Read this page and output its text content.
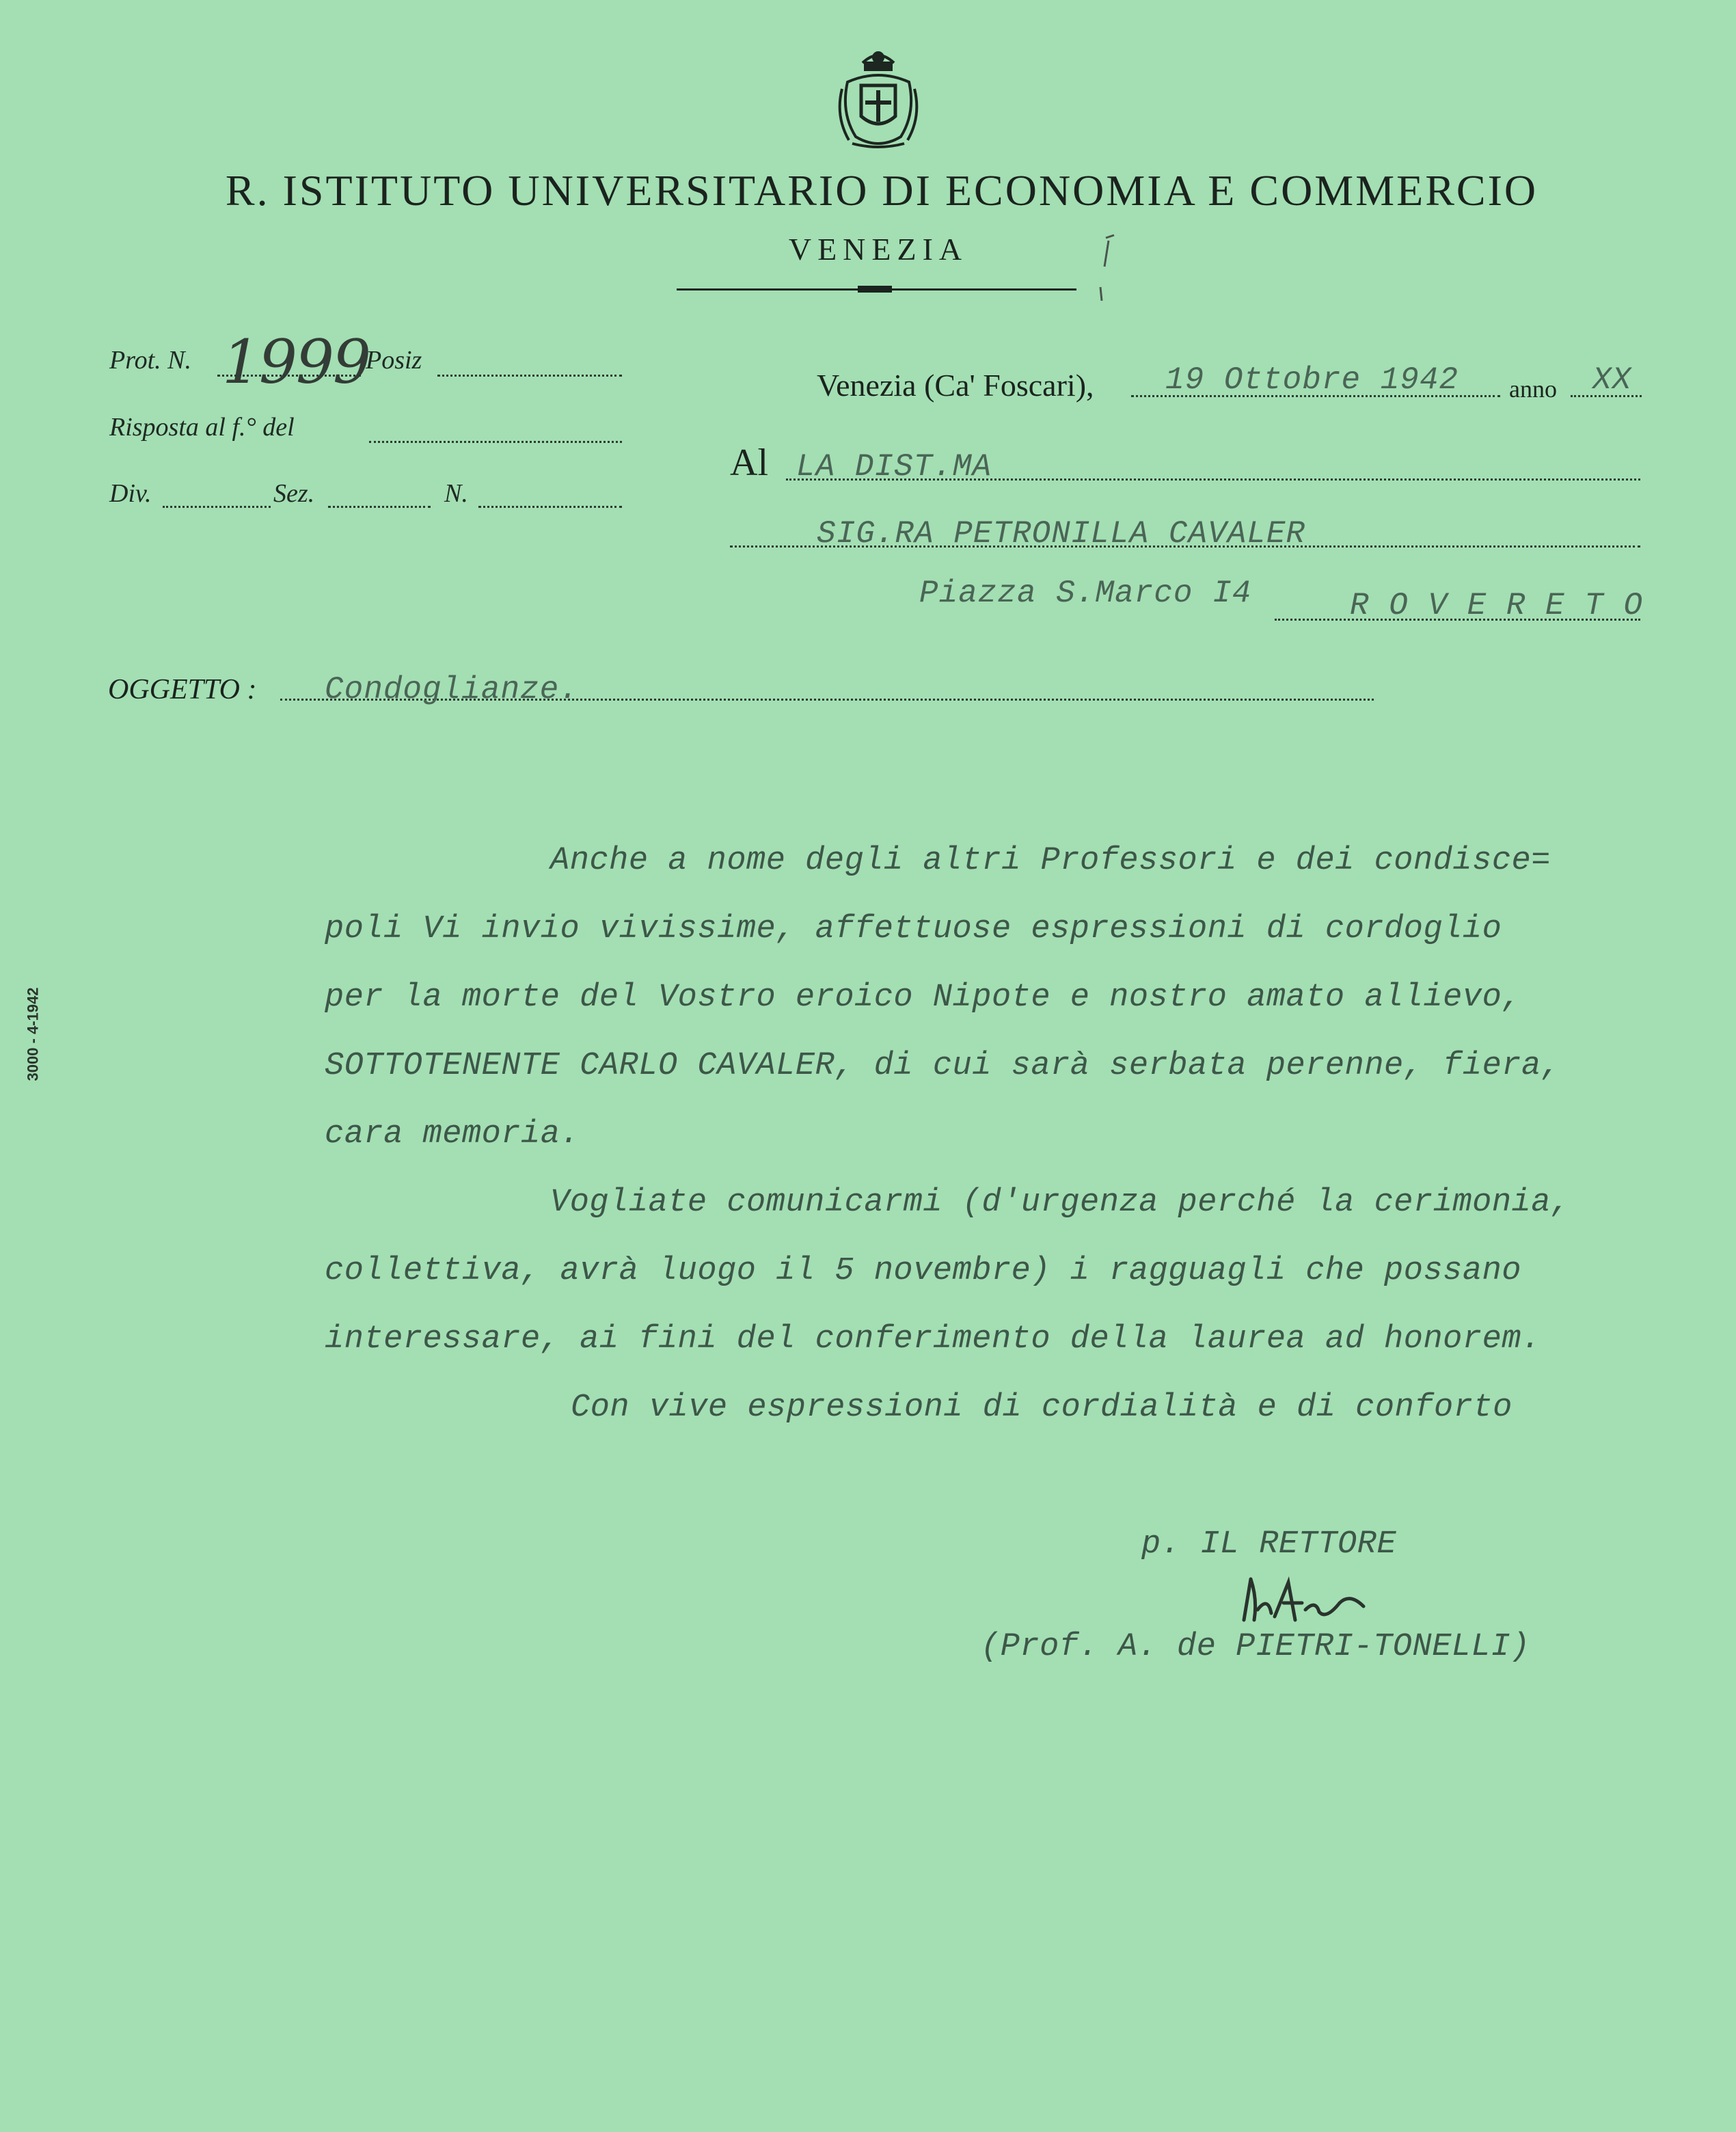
R. ISTITUTO UNIVERSITARIO DI ECONOMIA E COMMERCIO
VENEZIA
Prot. N. 1999
Posiz
Risposta al f.° del
Div.	Sez.	N.
Venezia (Ca' Foscari), 19 Ottobre 1942 anno XX
Al LA DIST.MA
SIG.RA PETRONILLA CAVALER
Piazza S.Marco I4	R O V E R E T O
OGGETTO : Condoglianze.
Anche a nome degli altri Professori e dei condisce=
poli Vi invio vivissime, affettuose espressioni di cordoglio
per la morte del Vostro eroico Nipote e nostro amato allievo,
SOTTOTENENTE CARLO CAVALER, di cui sarà serbata perenne, fiera,
cara memoria.
Vogliate comunicarmi (d'urgenza perché la cerimonia,
collettiva, avrà luogo il 5 novembre) i ragguagli che possano
interessare, ai fini del conferimento della laurea ad honorem.
Con vive espressioni di cordialità e di conforto
p. IL RETTORE
(Prof. A. de PIETRI-TONELLI)
3000 - 4-1942
